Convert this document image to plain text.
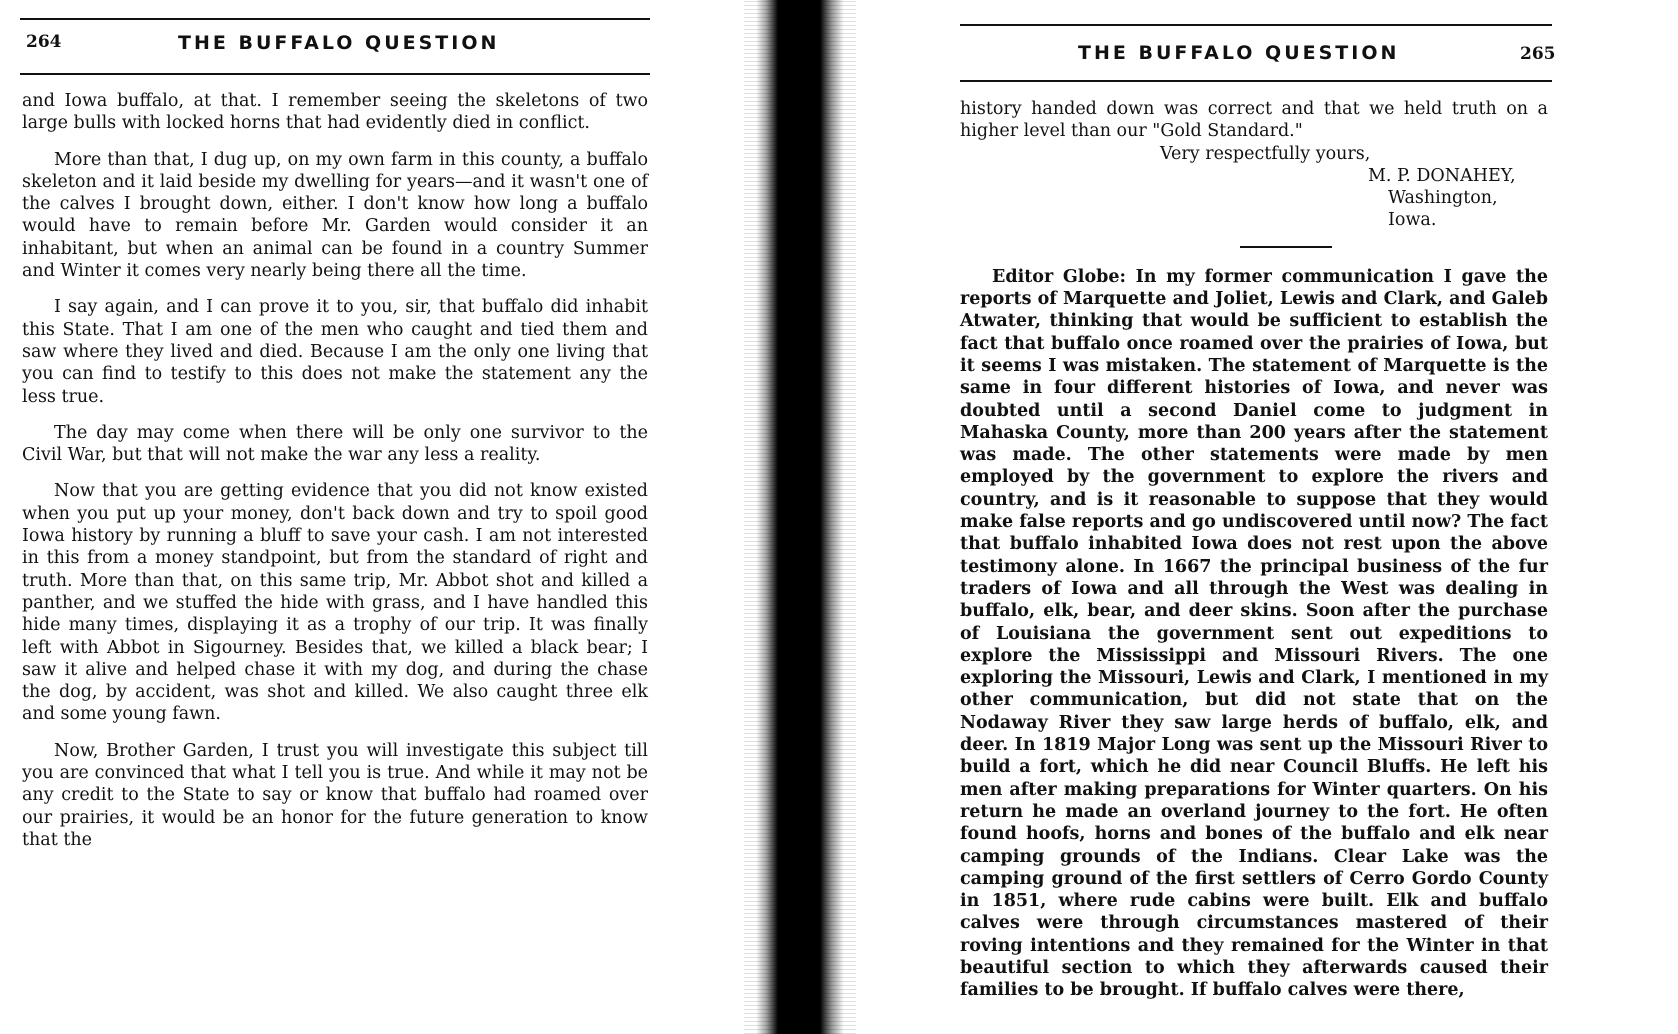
264	THE BUFFALO QUESTION

and Iowa buffalo, at that. I remember seeing the skeletons of two large bulls with locked horns that had evidently died in conflict.

More than that, I dug up, on my own farm in this county, a buffalo skeleton and it laid beside my dwelling for years—and it wasn't one of the calves I brought down, either. I don't know how long a buffalo would have to remain before Mr. Garden would consider it an inhabitant, but when an animal can be found in a country Summer and Winter it comes very nearly being there all the time.

I say again, and I can prove it to you, sir, that buffalo did inhabit this State. That I am one of the men who caught and tied them and saw where they lived and died. Because I am the only one living that you can find to testify to this does not make the statement any the less true.

The day may come when there will be only one survivor to the Civil War, but that will not make the war any less a reality.

Now that you are getting evidence that you did not know existed when you put up your money, don't back down and try to spoil good Iowa history by running a bluff to save your cash. I am not interested in this from a money standpoint, but from the standard of right and truth. More than that, on this same trip, Mr. Abbot shot and killed a panther, and we stuffed the hide with grass, and I have handled this hide many times, displaying it as a trophy of our trip. It was finally left with Abbot in Sigourney. Besides that, we killed a black bear; I saw it alive and helped chase it with my dog, and during the chase the dog, by accident, was shot and killed. We also caught three elk and some young fawn.

Now, Brother Garden, I trust you will investigate this subject till you are convinced that what I tell you is true. And while it may not be any credit to the State to say or know that buffalo had roamed over our prairies, it would be an honor for the future generation to know that the

THE BUFFALO QUESTION	265

history handed down was correct and that we held truth on a higher level than our "Gold Standard."

Very respectfully yours,
M. P. DONAHEY,
Washington, Iowa.

Editor Globe: In my former communication I gave the reports of Marquette and Joliet, Lewis and Clark, and Galeb Atwater, thinking that would be sufficient to establish the fact that buffalo once roamed over the prairies of Iowa, but it seems I was mistaken. The statement of Marquette is the same in four different histories of Iowa, and never was doubted until a second Daniel come to judgment in Mahaska County, more than 200 years after the statement was made. The other statements were made by men employed by the government to explore the rivers and country, and is it reasonable to suppose that they would make false reports and go undiscovered until now? The fact that buffalo inhabited Iowa does not rest upon the above testimony alone. In 1667 the principal business of the fur traders of Iowa and all through the West was dealing in buffalo, elk, bear, and deer skins. Soon after the purchase of Louisiana the government sent out expeditions to explore the Mississippi and Missouri Rivers. The one exploring the Missouri, Lewis and Clark, I mentioned in my other communication, but did not state that on the Nodaway River they saw large herds of buffalo, elk, and deer. In 1819 Major Long was sent up the Missouri River to build a fort, which he did near Council Bluffs. He left his men after making preparations for Winter quarters. On his return he made an overland journey to the fort. He often found hoofs, horns and bones of the buffalo and elk near camping grounds of the Indians. Clear Lake was the camping ground of the first settlers of Cerro Gordo County in 1851, where rude cabins were built. Elk and buffalo calves were through circumstances mastered of their roving intentions and they remained for the Winter in that beautiful section to which they afterwards caused their families to be brought. If buffalo calves were there,
